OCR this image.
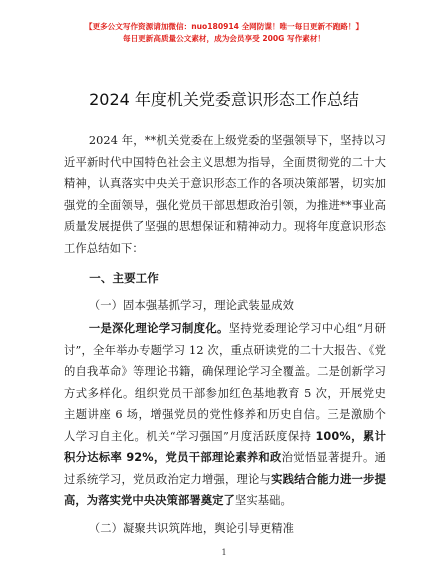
【更多公文写作资源请加微信：nuo180914 全网防谍！唯一每日更新不跑路！】
每日更新高质量公文素材，成为会员享受 200G 写作素材！
2024 年度机关党委意识形态工作总结

2024 年，**机关党委在上级党委的坚强领导下，坚持以习近平新时代中国特色社会主义思想为指导，全面贯彻党的二十大精神，认真落实中央关于意识形态工作的各项决策部署，切实加强党的全面领导，强化党员干部思想政治引领，为推进**事业高质量发展提供了坚强的思想保证和精神动力。现将年度意识形态工作总结如下：

一、主要工作

（一）固本强基抓学习，理论武装显成效

一是深化理论学习制度化。坚持党委理论学习中心组“月研讨”，全年举办专题学习 12 次，重点研读党的二十大报告、《党的自我革命》等理论书籍，确保理论学习全覆盖。二是创新学习方式多样化。组织党员干部参加红色基地教育 5 次，开展党史主题讲座 6 场，增强党员的党性修养和历史自信。三是激励个人学习自主化。机关“学习强国”月度活跃度保持 100%，累计积分达标率 92%，党员干部理论素养和政治觉悟显著提升。通过系统学习，党员政治定力增强，理论与实践结合能力进一步提高，为落实党中央决策部署奠定了坚实基础。

（二）凝聚共识筑阵地，舆论引导更精准

1
